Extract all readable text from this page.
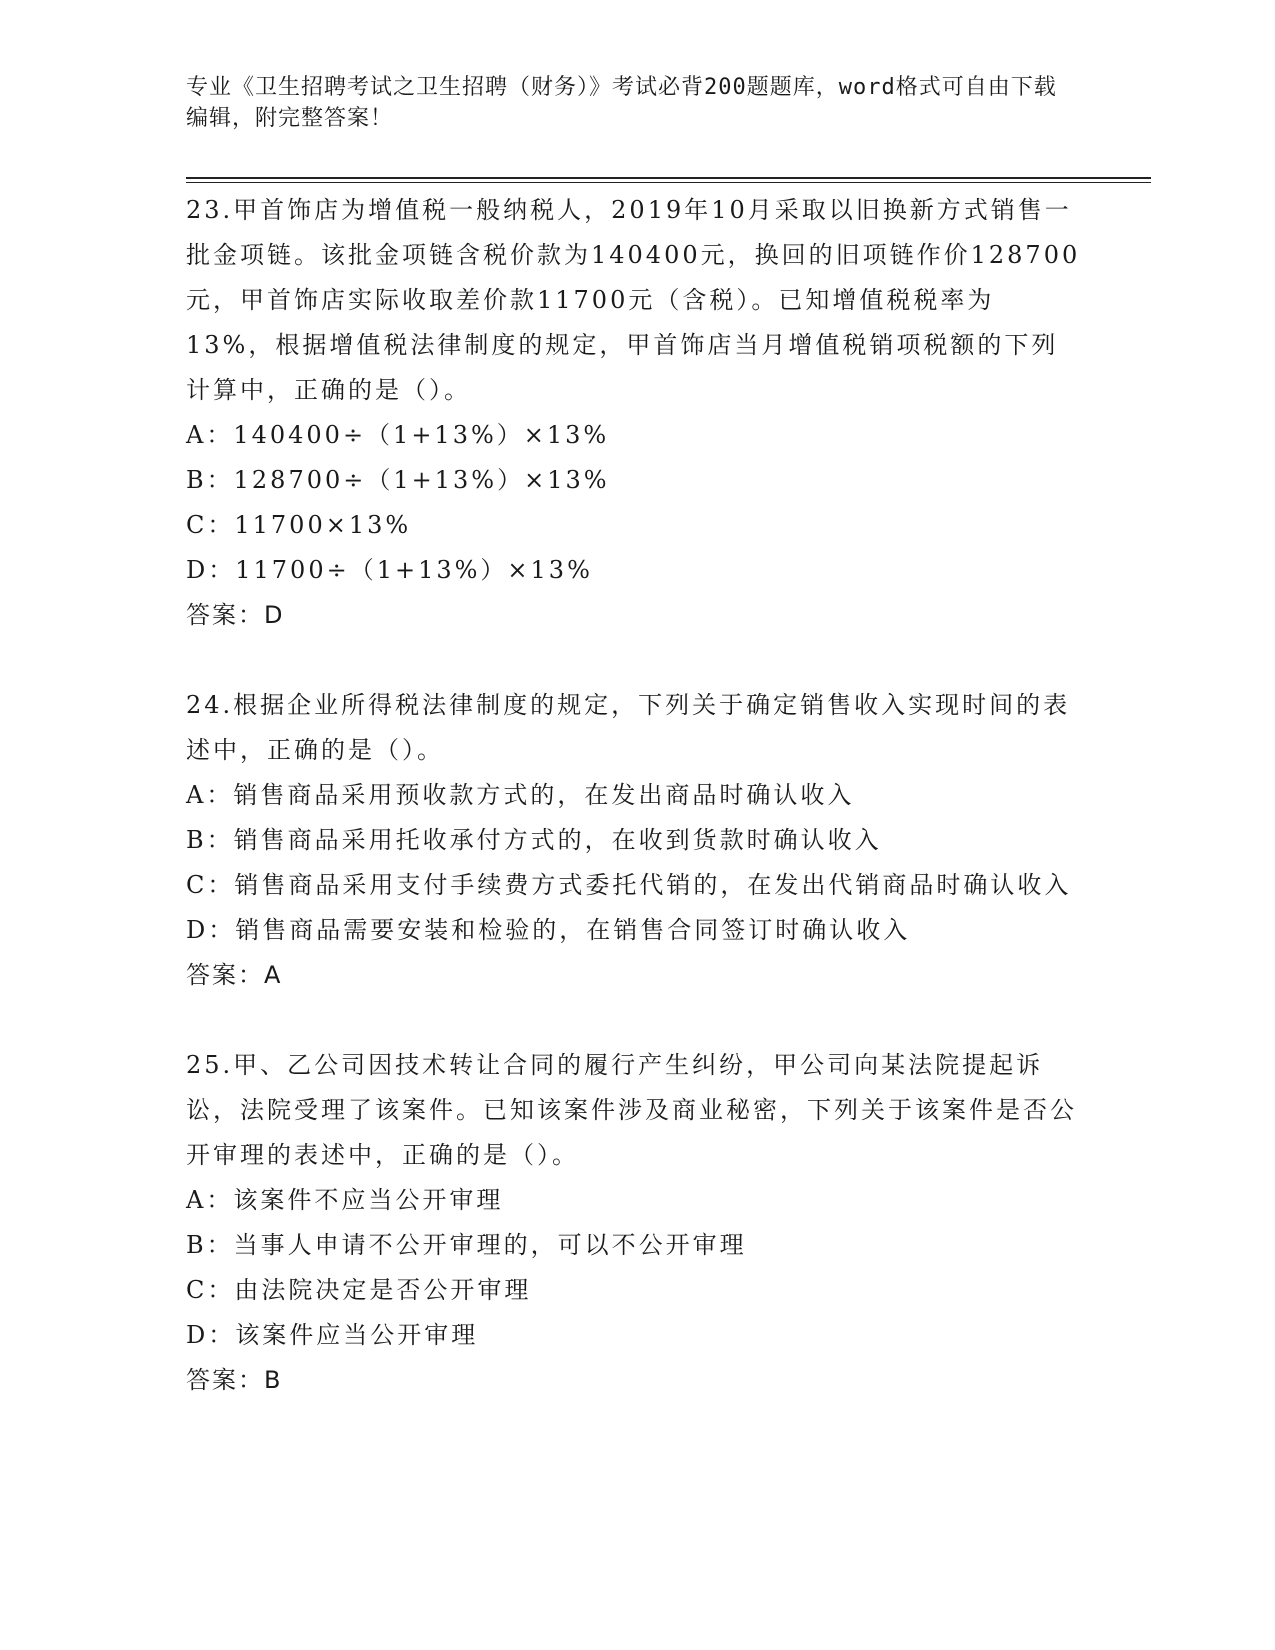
专业《卫生招聘考试之卫生招聘（财务）》考试必背200题题库，word格式可自由下载编辑，附完整答案！

23.甲首饰店为增值税一般纳税人，2019年10月采取以旧换新方式销售一批金项链。该批金项链含税价款为140400元，换回的旧项链作价128700元，甲首饰店实际收取差价款11700元（含税）。已知增值税税率为13%，根据增值税法律制度的规定，甲首饰店当月增值税销项税额的下列计算中，正确的是（）。

A：140400÷（1+13%）×13%

B：128700÷（1+13%）×13%

C：11700×13%

D：11700÷（1+13%）×13%

答案：D

24.根据企业所得税法律制度的规定，下列关于确定销售收入实现时间的表述中，正确的是（）。

A：销售商品采用预收款方式的，在发出商品时确认收入

B：销售商品采用托收承付方式的，在收到货款时确认收入

C：销售商品采用支付手续费方式委托代销的，在发出代销商品时确认收入

D：销售商品需要安装和检验的，在销售合同签订时确认收入

答案：A

25.甲、乙公司因技术转让合同的履行产生纠纷，甲公司向某法院提起诉讼，法院受理了该案件。已知该案件涉及商业秘密，下列关于该案件是否公开审理的表述中，正确的是（）。

A：该案件不应当公开审理

B：当事人申请不公开审理的，可以不公开审理

C：由法院决定是否公开审理

D：该案件应当公开审理

答案：B
